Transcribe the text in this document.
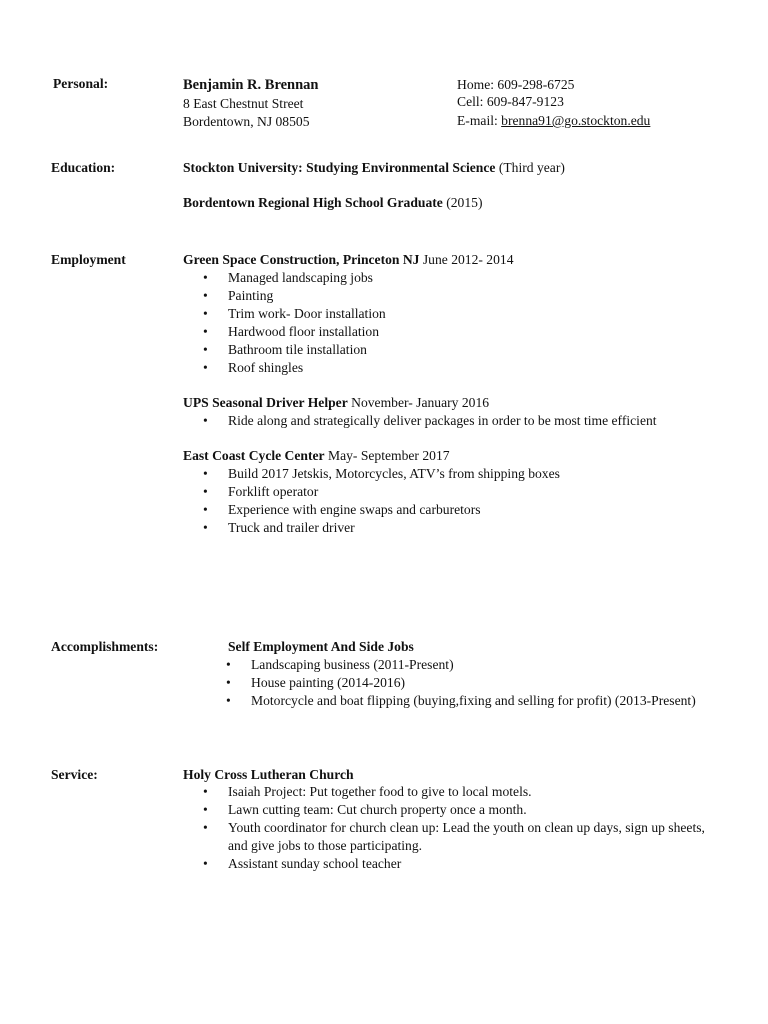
Personal:	Benjamin R. Brennan
8 East Chestnut Street
Bordentown, NJ 08505
Home: 609-298-6725
Cell: 609-847-9123
E-mail: brenna91@go.stockton.edu
Education:	Stockton University: Studying Environmental Science (Third year)
Bordentown Regional High School Graduate (2015)
Employment	Green Space Construction, Princeton NJ June 2012- 2014
• Managed landscaping jobs
• Painting
• Trim work- Door installation
• Hardwood floor installation
• Bathroom tile installation
• Roof shingles
UPS Seasonal Driver Helper November- January 2016
• Ride along and strategically deliver packages in order to be most time efficient
East Coast Cycle Center May- September 2017
• Build 2017 Jetskis, Motorcycles, ATV’s from shipping boxes
• Forklift operator
• Experience with engine swaps and carburetors
• Truck and trailer driver
Accomplishments:	Self Employment And Side Jobs
• Landscaping business (2011-Present)
• House painting (2014-2016)
• Motorcycle and boat flipping (buying,fixing and selling for profit) (2013-Present)
Service:	Holy Cross Lutheran Church
• Isaiah Project: Put together food to give to local motels.
• Lawn cutting team: Cut church property once a month.
• Youth coordinator for church clean up: Lead the youth on clean up days, sign up sheets, and give jobs to those participating.
• Assistant sunday school teacher
